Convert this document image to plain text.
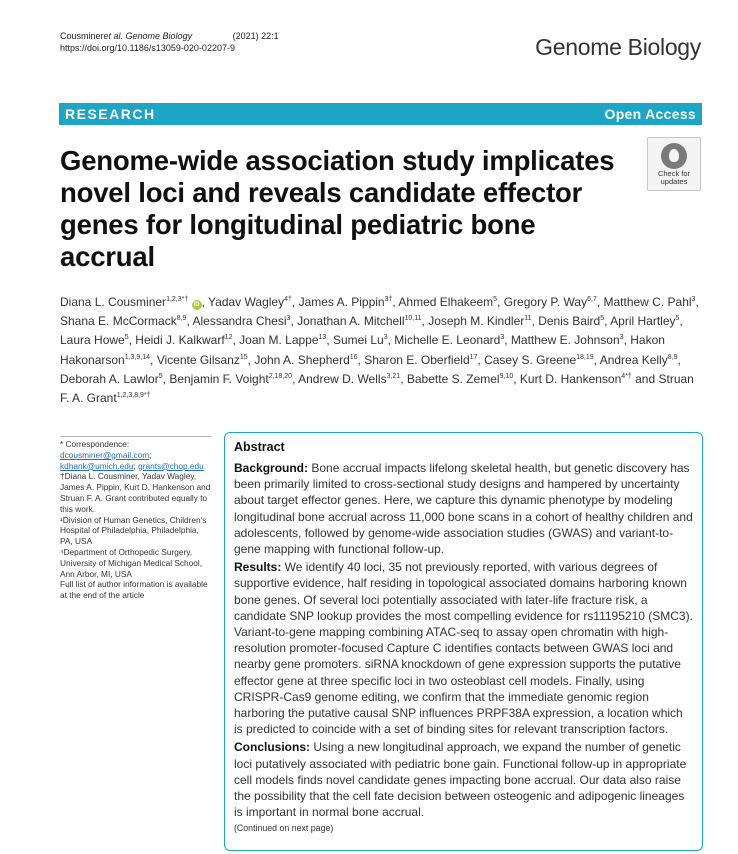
Cousmineret al. Genome Biology	(2021) 22:1
https://doi.org/10.1186/s13059-020-02207-9	Genome Biology
RESEARCH	Open Access
Genome-wide association study implicates novel loci and reveals candidate effector genes for longitudinal pediatric bone accrual
Check for
updates
Diana L. Cousminer$^{1,2,3*\dagger}$ iD , Yadav Wagley$^{4\dagger}$, James A. Pippin$^{3\dagger}$, Ahmed Elhakeem$^5$, Gregory P. Way$^{6,7}$, Matthew C. Pahl$^3$, Shana E. McCormack$^{8,9}$, Alessandra Chesi$^3$, Jonathan A. Mitchell$^{10,11}$, Joseph M. Kindler$^{11}$, Denis Baird$^5$, April Hartley$^5$, Laura Howe$^5$, Heidi J. Kalkwarf$^{12}$, Joan M. Lappe$^{13}$, Sumei Lu$^3$, Michelle E. Leonard$^3$, Matthew E. Johnson$^3$, Hakon Hakonarson$^{1,3,9,14}$, Vicente Gilsanz$^{15}$, John A. Shepherd$^{16}$, Sharon E. Oberfield$^{17}$, Casey S. Greene$^{18,19}$, Andrea Kelly$^{8,9}$, Deborah A. Lawlor$^5$, Benjamin F. Voight$^{2,18,20}$, Andrew D. Wells$^{3,21}$, Babette S. Zemel$^{9,10}$, Kurt D. Hankenson$^{4*\dagger}$ and Struan F. A. Grant$^{1,2,3,8,9*\dagger}$

* Correspondence: dcousminer@gmail.com; kdhank@umich.edu; grants@chop.edu

†Diana L. Cousminer, Yadav Wagley, James A. Pippin, Kurt D. Hankenson and Struan F. A. Grant contributed equally to this work.

¹Division of Human Genetics, Children's Hospital of Philadelphia, Philadelphia, PA, USA

⁴Department of Orthopedic Surgery, University of Michigan Medical School, Ann Arbor, MI, USA

Full list of author information is available at the end of the article

Abstract

Background: Bone accrual impacts lifelong skeletal health, but genetic discovery has been primarily limited to cross-sectional study designs and hampered by uncertainty about target effector genes. Here, we capture this dynamic phenotype by modeling longitudinal bone accrual across 11,000 bone scans in a cohort of healthy children and adolescents, followed by genome-wide association studies (GWAS) and variant-to-gene mapping with functional follow-up.

Results: We identify 40 loci, 35 not previously reported, with various degrees of supportive evidence, half residing in topological associated domains harboring known bone genes. Of several loci potentially associated with later-life fracture risk, a candidate SNP lookup provides the most compelling evidence for rs11195210 (SMC3). Variant-to-gene mapping combining ATAC-seq to assay open chromatin with high-resolution promoter-focused Capture C identifies contacts between GWAS loci and nearby gene promoters. siRNA knockdown of gene expression supports the putative effector gene at three specific loci in two osteoblast cell models. Finally, using CRISPR-Cas9 genome editing, we confirm that the immediate genomic region harboring the putative causal SNP influences PRPF38A expression, a location which is predicted to coincide with a set of binding sites for relevant transcription factors.

Conclusions: Using a new longitudinal approach, we expand the number of genetic loci putatively associated with pediatric bone gain. Functional follow-up in appropriate cell models finds novel candidate genes impacting bone accrual. Our data also raise the possibility that the cell fate decision between osteogenic and adipogenic lineages is important in normal bone accrual.

(Continued on next page)
